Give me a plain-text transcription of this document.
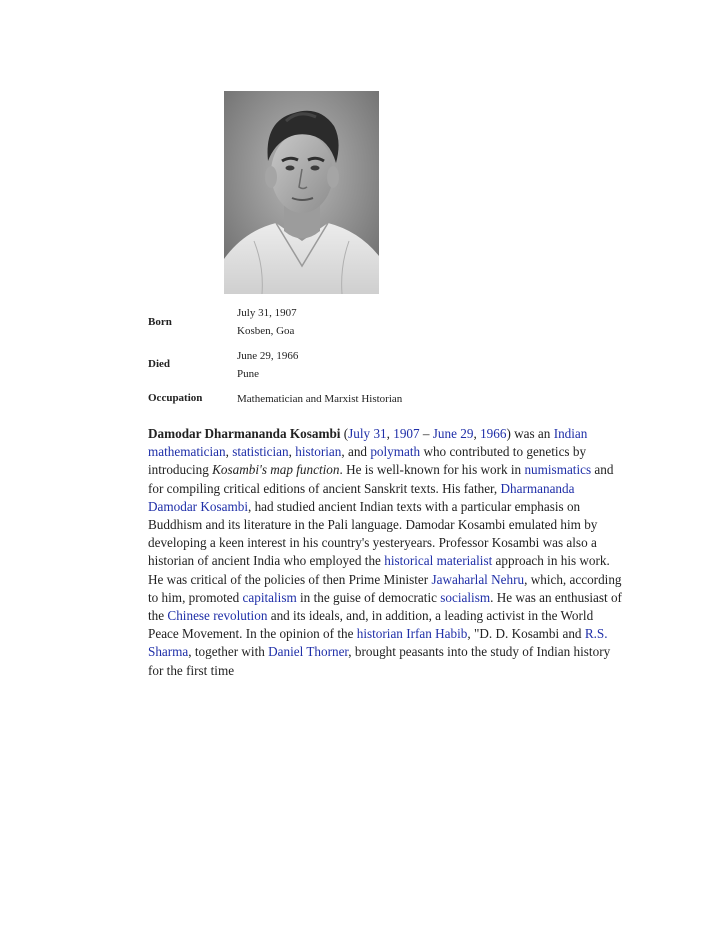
Born
July 31, 1907
Kosben, Goa
Died
June 29, 1966
Pune
Occupation	Mathematician and Marxist Historian
Damodar Dharmananda Kosambi (July 31, 1907 – June 29, 1966) was an Indian mathematician, statistician, historian, and polymath who contributed to genetics by introducing Kosambi's map function. He is well-known for his work in numismatics and for compiling critical editions of ancient Sanskrit texts. His father, Dharmananda Damodar Kosambi, had studied ancient Indian texts with a particular emphasis on Buddhism and its literature in the Pali language. Damodar Kosambi emulated him by developing a keen interest in his country's yesteryears. Professor Kosambi was also a historian of ancient India who employed the historical materialist approach in his work. He was critical of the policies of then Prime Minister Jawaharlal Nehru, which, according to him, promoted capitalism in the guise of democratic socialism. He was an enthusiast of the Chinese revolution and its ideals, and, in addition, a leading activist in the World Peace Movement. In the opinion of the historian Irfan Habib, "D. D. Kosambi and R.S. Sharma, together with Daniel Thorner, brought peasants into the study of Indian history for the first time
